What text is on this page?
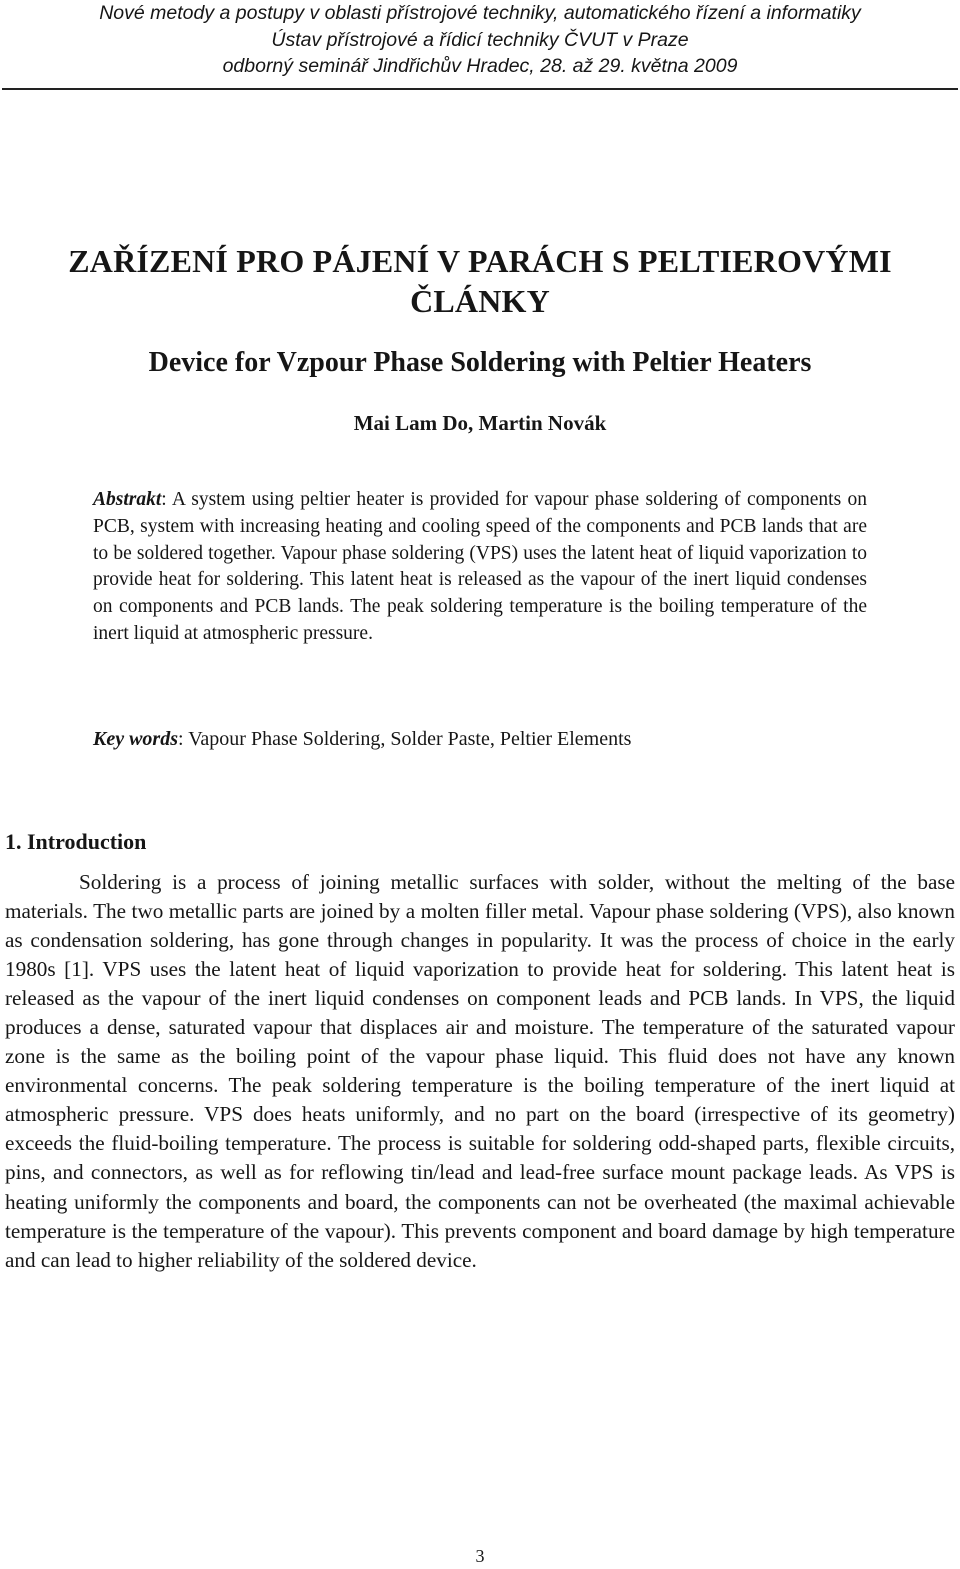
Nové metody a postupy v oblasti přístrojové techniky, automatického řízení a informatiky
Ústav přístrojové a řídicí techniky ČVUT v Praze
odborný seminář Jindřichův Hradec, 28. až 29. května 2009
ZAŘÍZENÍ PRO PÁJENÍ V PARÁCH S PELTIEROVÝMI
ČLÁNKY
Device for Vzpour Phase Soldering with Peltier Heaters
Mai Lam Do, Martin Novák

Abstrakt: A system using peltier heater is provided for vapour phase soldering of components on PCB, system with increasing heating and cooling speed of the components and PCB lands that are to be soldered together. Vapour phase soldering (VPS) uses the latent heat of liquid vaporization to provide heat for soldering. This latent heat is released as the vapour of the inert liquid condenses on components and PCB lands. The peak soldering temperature is the boiling temperature of the inert liquid at atmospheric pressure.

Key words: Vapour Phase Soldering, Solder Paste, Peltier Elements

1. Introduction

Soldering is a process of joining metallic surfaces with solder, without the melting of the base materials. The two metallic parts are joined by a molten filler metal. Vapour phase soldering (VPS), also known as condensation soldering, has gone through changes in popularity. It was the process of choice in the early 1980s [1]. VPS uses the latent heat of liquid vaporization to provide heat for soldering. This latent heat is released as the vapour of the inert liquid condenses on component leads and PCB lands. In VPS, the liquid produces a dense, saturated vapour that displaces air and moisture. The temperature of the saturated vapour zone is the same as the boiling point of the vapour phase liquid. This fluid does not have any known environmental concerns. The peak soldering temperature is the boiling temperature of the inert liquid at atmospheric pressure. VPS does heats uniformly, and no part on the board (irrespective of its geometry) exceeds the fluid-boiling temperature. The process is suitable for soldering odd-shaped parts, flexible circuits, pins, and connectors, as well as for reflowing tin/lead and lead-free surface mount package leads. As VPS is heating uniformly the components and board, the components can not be overheated (the maximal achievable temperature is the temperature of the vapour). This prevents component and board damage by high temperature and can lead to higher reliability of the soldered device.

3
